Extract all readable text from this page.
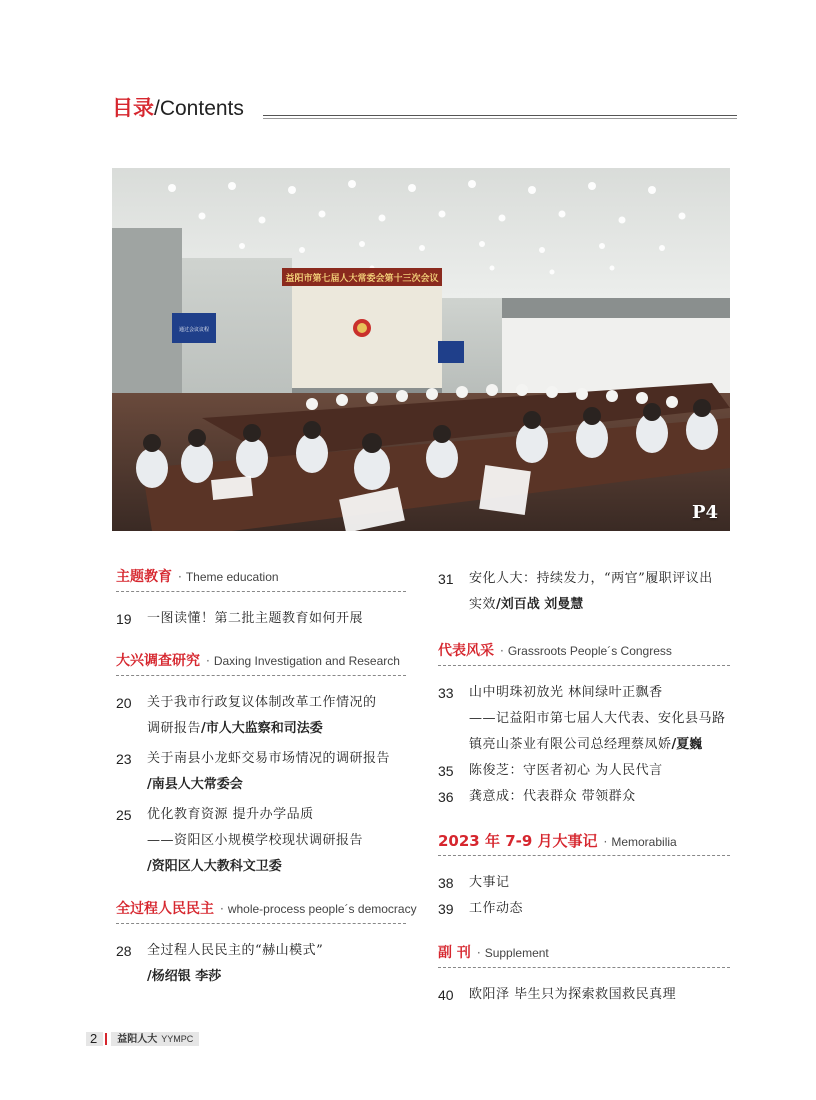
目录/Contents
益阳市第七届人大常委会第十三次会议
通过会议议程
P4
主题教育 · Theme education
19	一图读懂！第二批主题教育如何开展
大兴调查研究 · Daxing Investigation and Research
20	关于我市行政复议体制改革工作情况的
调研报告/市人大监察和司法委
23	关于南县小龙虾交易市场情况的调研报告
/南县人大常委会
25	优化教育资源 提升办学品质
——资阳区小规模学校现状调研报告
/资阳区人大教科文卫委
全过程人民民主 · whole-process people´s democracy
28	全过程人民民主的“赫山模式”
/杨绍银 李莎
31	安化人大：持续发力，“两官”履职评议出
实效/刘百战 刘曼慧
代表风采 · Grassroots People´s Congress
33	山中明珠初放光 林间绿叶正飘香
——记益阳市第七届人大代表、安化县马路
镇亮山茶业有限公司总经理蔡凤娇/夏巍
35	陈俊芝：守医者初心 为人民代言
36	龚意成：代表群众 带领群众
2023 年 7-9 月大事记 · Memorabilia
38	大事记
39	工作动态
副 刊 · Supplement
40	欧阳泽 毕生只为探索救国救民真理
2	益阳人大 YYMPC
